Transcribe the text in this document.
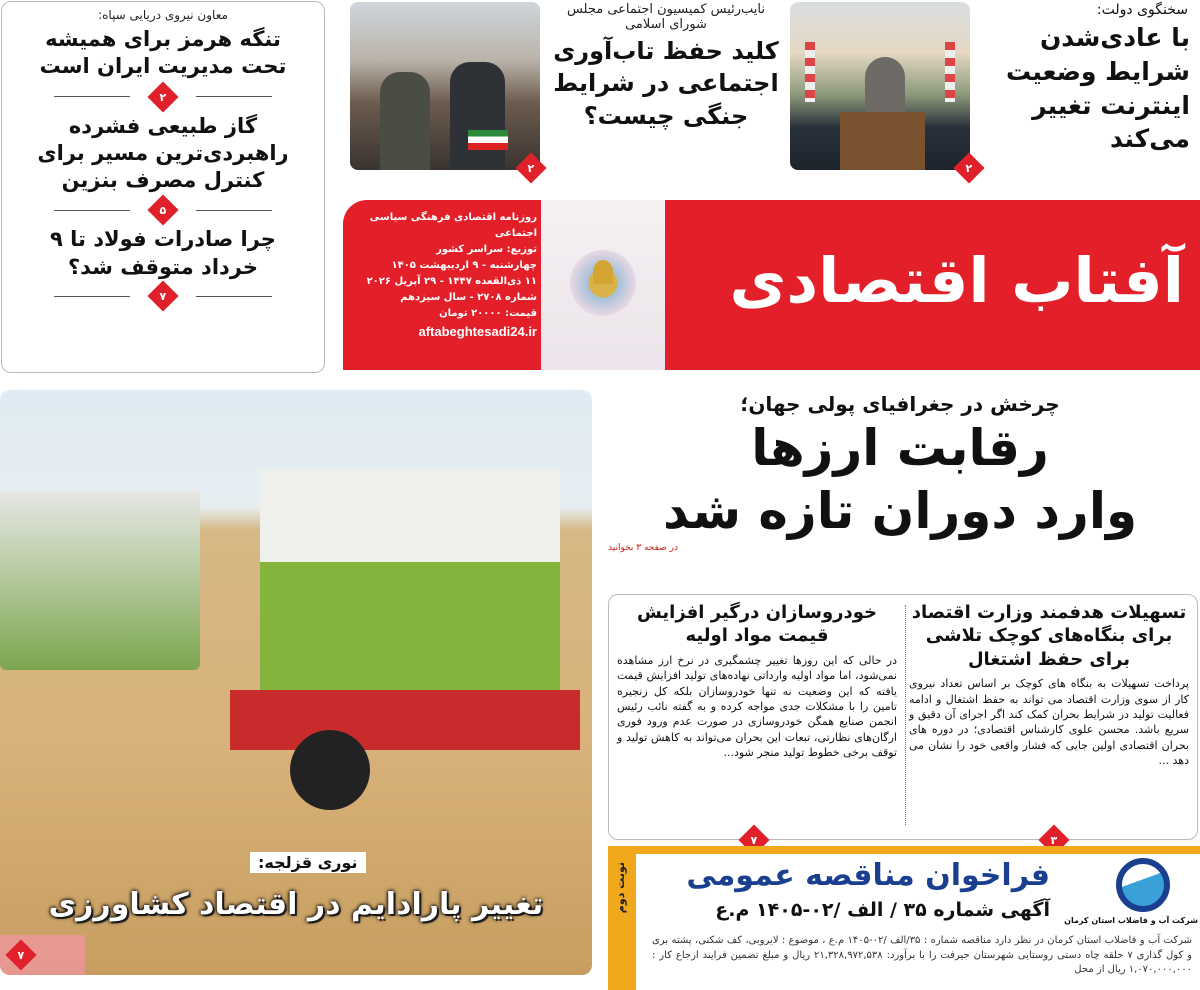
معاون نیروی دریایی سپاه:
تنگه هرمز برای همیشه تحت مدیریت ایران است
۲
گاز طبیعی فشرده راهبردی‌ترین مسیر برای کنترل مصرف بنزین
۵
چرا صادرات فولاد تا ۹ خرداد متوقف شد؟
۷
۲
نایب‌رئیس کمیسیون اجتماعی مجلس شورای اسلامی
کلید حفظ تاب‌آوری اجتماعی در شرایط جنگی چیست؟
۲
سخنگوی دولت:
با عادی‌شدن شرایط وضعیت اینترنت تغییر می‌کند
روزنامه اقتصادی فرهنگی سیاسی اجتماعی
توزیع: سراسر کشور
چهارشنبه - ۹ اردیبهشت ۱۴۰۵
۱۱ ذی‌القعده ۱۴۴۷ - ۲۹ آپریل ۲۰۲۶
شماره ۲۷۰۸ - سال سیزدهم
قیمت: ۲۰۰۰۰ تومان
aftabeghtesadi24.ir
آفتاب اقتصادی
نوری قزلجه:
تغییر پارادایم در اقتصاد کشاورزی
۷
چرخش در جغرافیای پولی جهان؛
رقابت ارزها
وارد دوران تازه شد
در صفحه ۳ بخوانید
تسهیلات هدفمند وزارت اقتصاد برای بنگاه‌های کوچک تلاشی برای حفظ اشتغال
پرداخت تسهیلات به بنگاه های کوچک بر اساس تعداد نیروی کار از سوی وزارت اقتصاد می تواند به حفظ اشتغال و ادامه فعالیت تولید در شرایط بحران کمک کند اگر اجرای آن دقیق و سریع باشد. محسن علوی کارشناس اقتصادی؛ در دوره های بحران اقتصادی اولین جایی که فشار واقعی خود را نشان می دهد ...
خودروسازان درگیر افزایش قیمت مواد اولیه
در حالی که این روزها تغییر چشمگیری در نرخ ارز مشاهده نمی‌شود، اما مواد اولیه وارداتی نهاده‌های تولید افزایش قیمت یافته که این وضعیت نه تنها خودروسازان بلکه کل زنجیره تامین را با مشکلات جدی مواجه کرده و به گفته نائب رئیس انجمن صنایع همگن خودروسازی در صورت عدم ورود فوری ارگان‌های نظارتی، تبعات این بحران می‌تواند به کاهش تولید و توقف برخی خطوط تولید منجر شود...
۳
۷
نوبت دوم
شرکت آب و فاضلاب استان کرمان
فراخوان مناقصه عمومی
آگهی شماره ۳۵ / الف /۰۲-۱۴۰۵ م.ع
شرکت آب و فاضلاب استان کرمان در نظر دارد مناقصه شماره : ۳۵/الف /۰۲-۱۴۰۵ م.ع ، موضوع : لایروبی، کف شکنی، پشته بری و کول گذاری ۷ حلقه چاه دستی روستایی شهرستان جیرفت را با برآورد: ۲۱,۳۲۸,۹۷۲,۵۳۸ ریال و مبلغ تضمین فرایند ارجاع کار : ۱,۰۷۰,۰۰۰,۰۰۰ ریال از محل
